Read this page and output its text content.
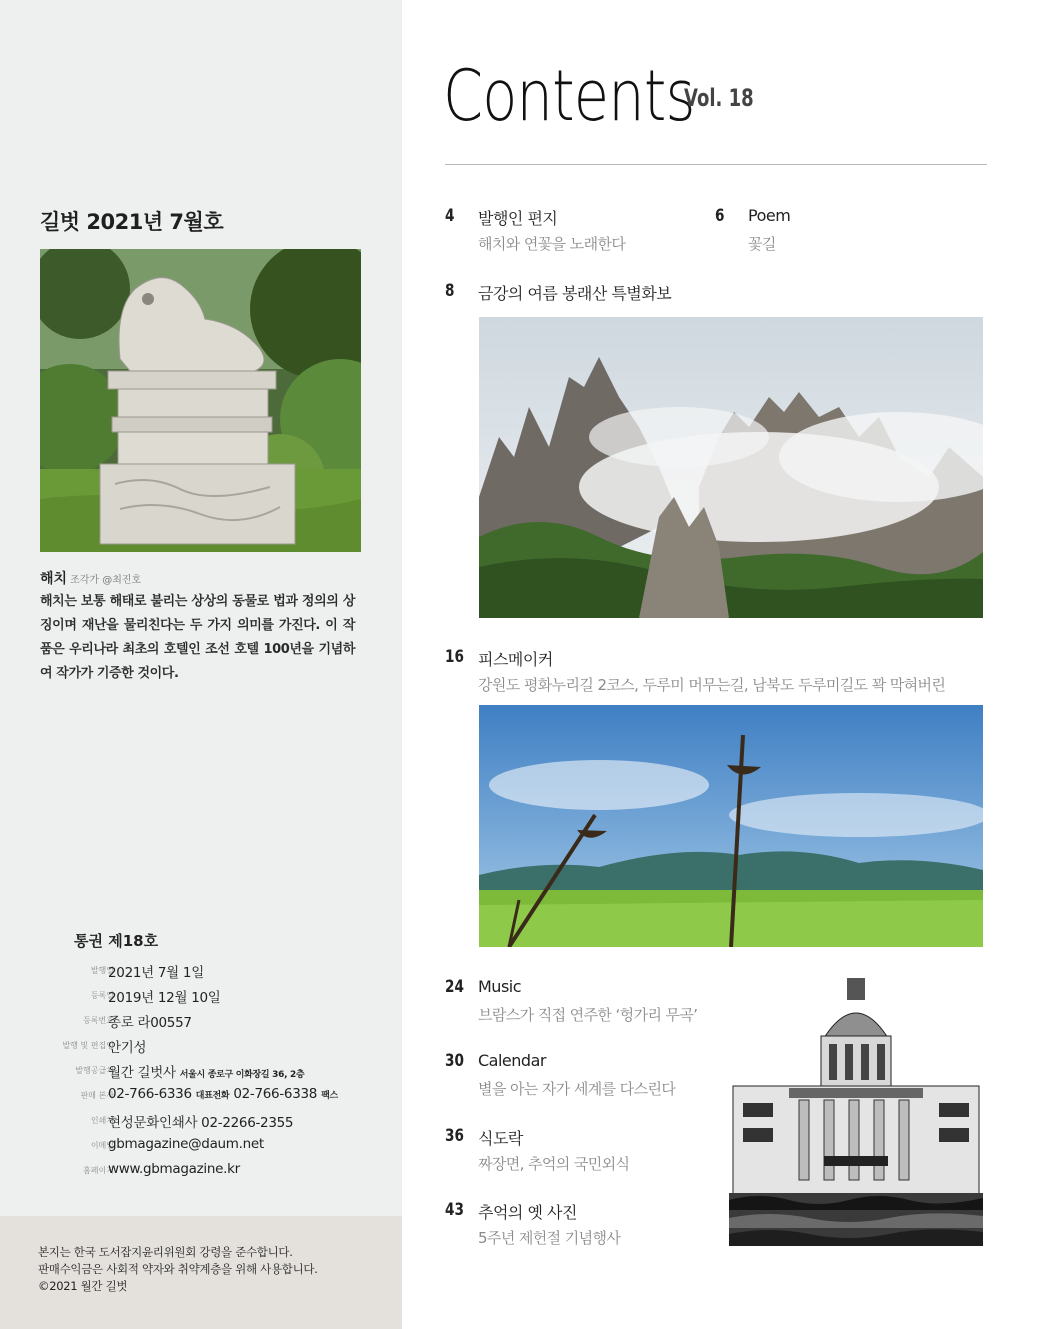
길벗 2021년 7월호
해치 조각가 @최진호
해치는 보통 해태로 불리는 상상의 동물로 법과 정의의 상징이며 재난을 물리친다는 두 가지 의미를 가진다. 이 작품은 우리나라 최초의 호텔인 조선 호텔 100년을 기념하여 작가가 기증한 것이다.
통권 제18호
발행일
2021년 7월 1일
등록일
2019년 12월 10일
등록번호
종로 라00557
발행 및 편집인
안기성
발행공급처
월간 길벗사 서울시 종로구 이화장길 36, 2층
판매 본사
02-766-6336 대표전화 02-766-6338 팩스
인쇄처
현성문화인쇄사 02-2266-2355
이메일
gbmagazine@daum.net
홈페이지
www.gbmagazine.kr
본지는 한국 도서잡지윤리위원회 강령을 준수합니다.
판매수익금은 사회적 약자와 취약계층을 위해 사용합니다.
©2021 월간 길벗
Contents
Vol. 18
4 발행인 편지
해치와 연꽃을 노래한다
6 Poem
꽃길
8 금강의 여름 봉래산 특별화보
16 피스메이커
강원도 평화누리길 2코스, 두루미 머무는길, 남북도 두루미길도 꽉 막혀버린
24 Music
브람스가 직접 연주한 ‘헝가리 무곡’
30 Calendar
별을 아는 자가 세계를 다스린다
36 식도락
짜장면, 추억의 국민외식
43 추억의 옛 사진
5주년 제헌절 기념행사
